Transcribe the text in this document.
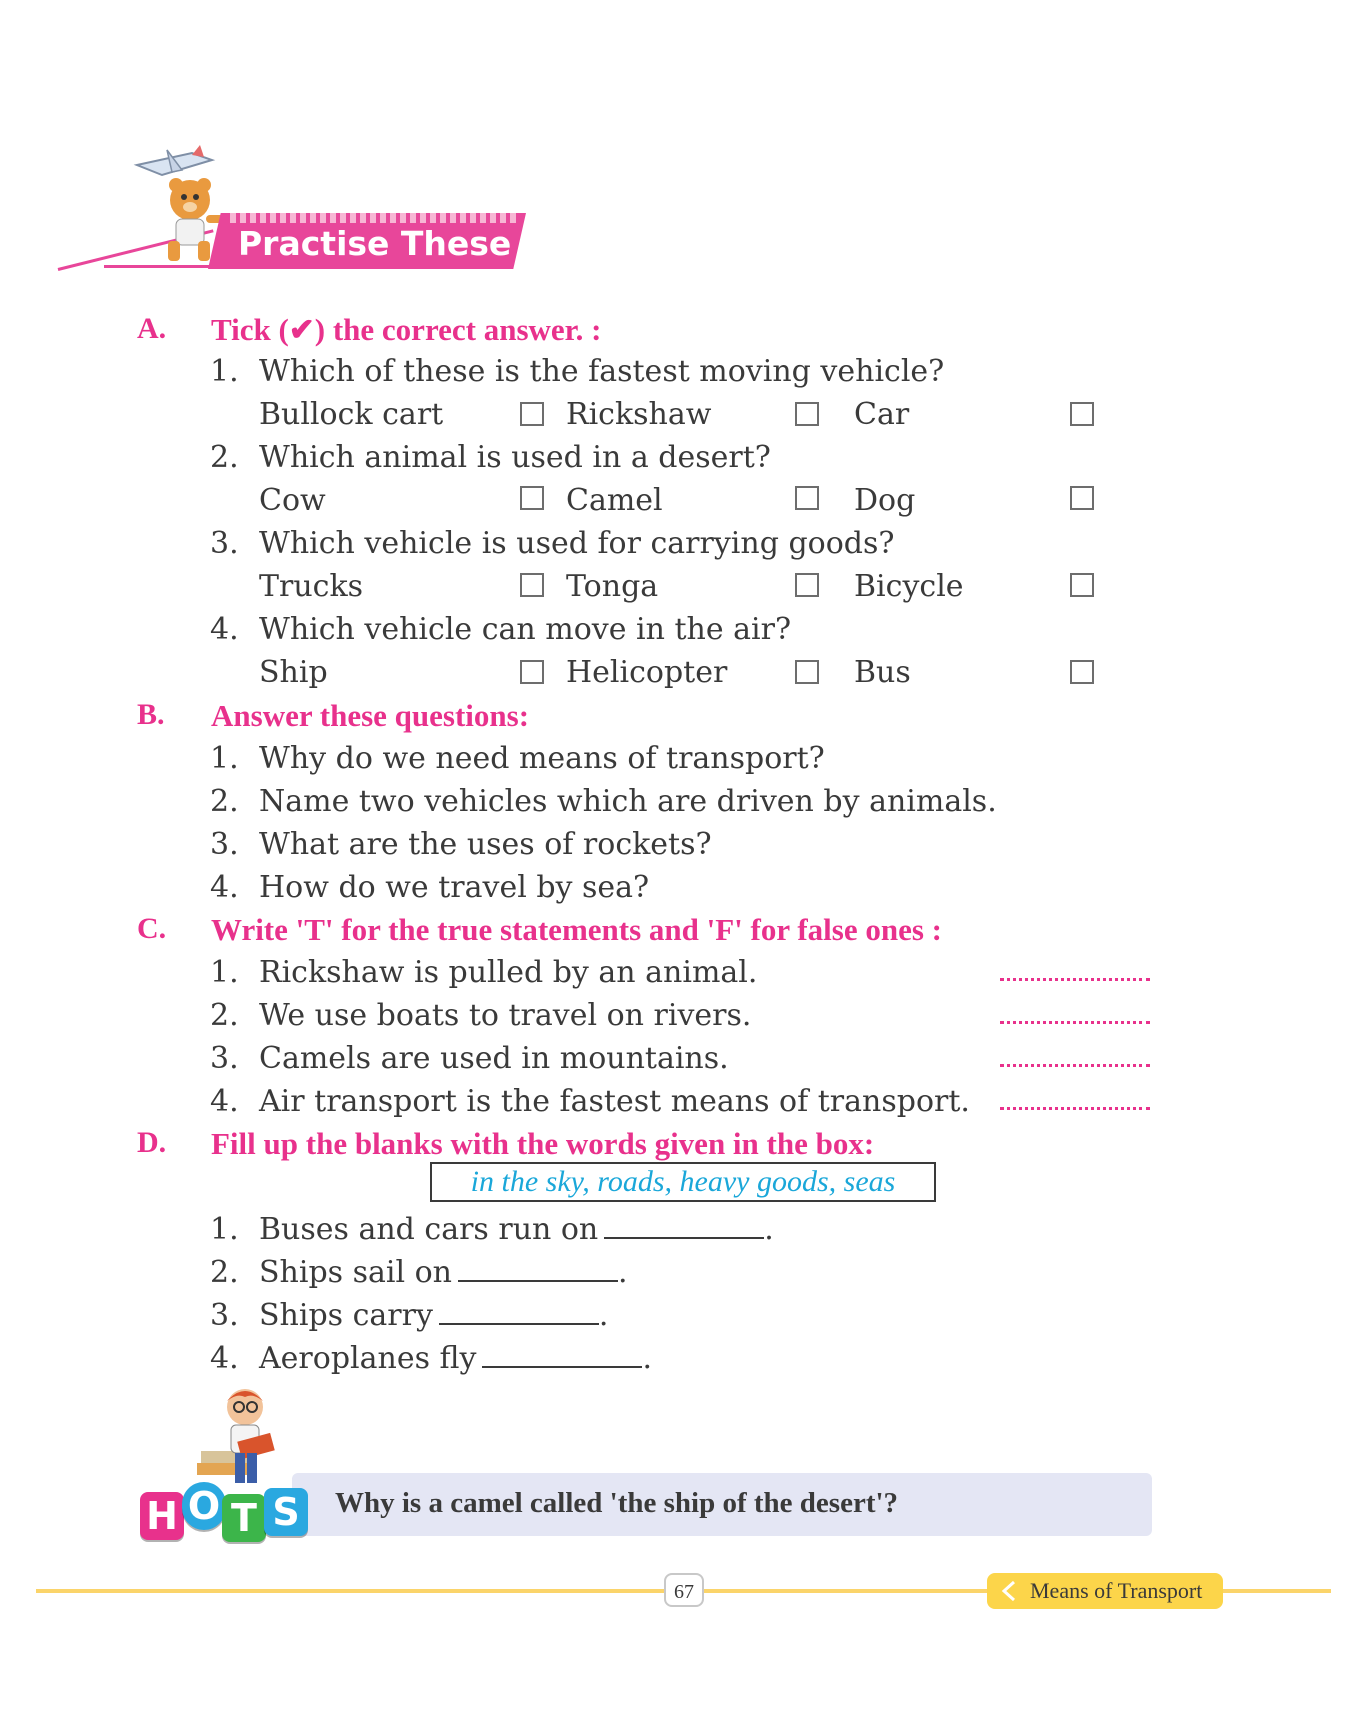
Practise These
A. Tick (✔) the correct answer. :
1. Which of these is the fastest moving vehicle?
Bullock cart	Rickshaw	Car
2. Which animal is used in a desert?
Cow	Camel	Dog
3. Which vehicle is used for carrying goods?
Trucks	Tonga	Bicycle
4. Which vehicle can move in the air?
Ship	Helicopter	Bus
B. Answer these questions:
1. Why do we need means of transport?
2. Name two vehicles which are driven by animals.
3. What are the uses of rockets?
4. How do we travel by sea?
C. Write 'T' for the true statements and 'F' for false ones :
1. Rickshaw is pulled by an animal.
2. We use boats to travel on rivers.
3. Camels are used in mountains.
4. Air transport is the fastest means of transport.
D. Fill up the blanks with the words given in the box:
in the sky, roads, heavy goods, seas
1. Buses and cars run on	.
2. Ships sail on	.
3. Ships carry	.
4. Aeroplanes fly	.
H O T S Why is a camel called 'the ship of the desert'?
67	Means of Transport
